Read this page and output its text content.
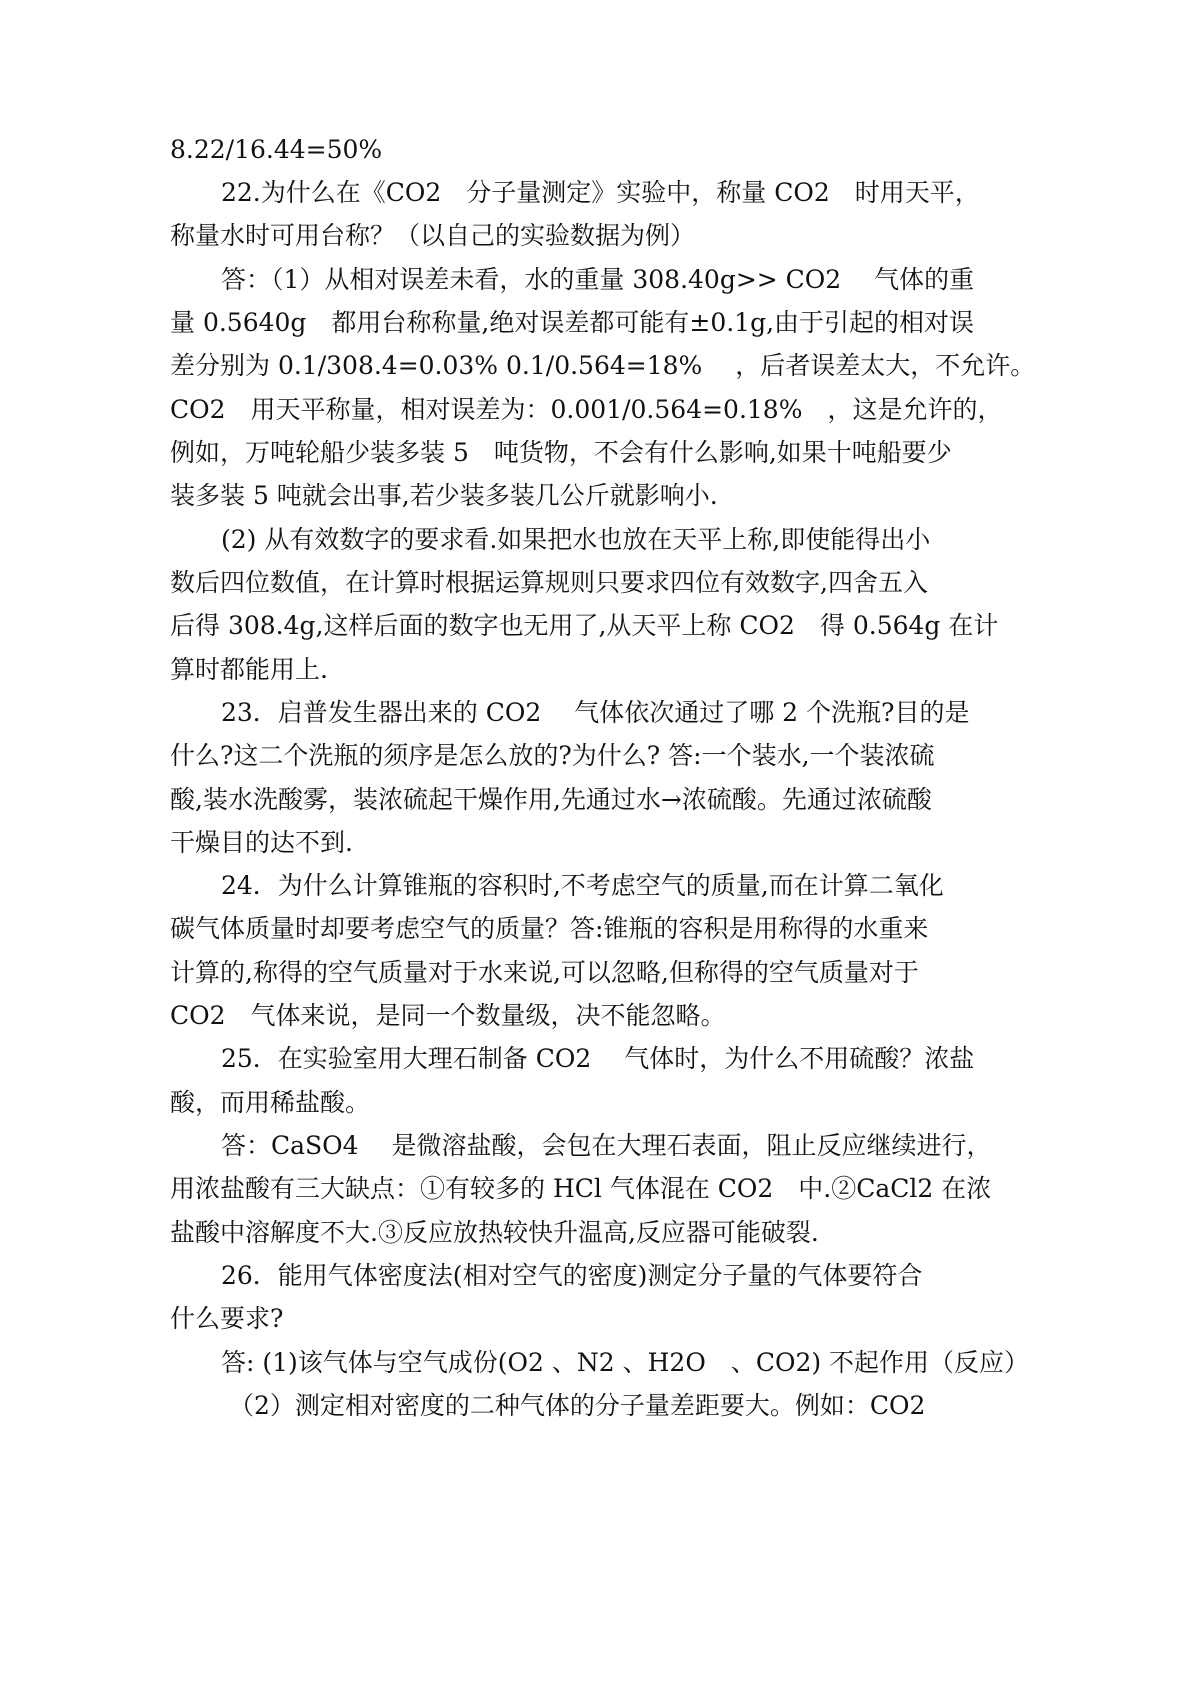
8.22/16.44=50%
22.为什么在《CO2　分子量测定》实验中，称量 CO2　时用天平，
称量水时可用台称？（以自己的实验数据为例）
答：（1）从相对误差未看，水的重量 308.40g>> CO2　 气体的重
量 0.5640g　都用台称称量,绝对误差都可能有±0.1g,由于引起的相对误
差分别为 0.1/308.4=0.03% 0.1/0.564=18%　 ，后者误差太大，不允许。
CO2　用天平称量，相对误差为：0.001/0.564=0.18%　，这是允许的，
例如，万吨轮船少装多装 5　吨货物，不会有什么影响,如果十吨船要少
装多装 5 吨就会出事,若少装多装几公斤就影响小.
(2) 从有效数字的要求看.如果把水也放在天平上称,即使能得出小
数后四位数值，在计算时根据运算规则只要求四位有效数字,四舍五入
后得 308.4g,这样后面的数字也无用了,从天平上称 CO2　得 0.564g 在计
算时都能用上.
23．启普发生器出来的 CO2　 气体依次通过了哪 2 个洗瓶?目的是
什么?这二个洗瓶的须序是怎么放的?为什么? 答:一个装水,一个装浓硫
酸,装水洗酸雾，装浓硫起干燥作用,先通过水→浓硫酸。先通过浓硫酸
干燥目的达不到.
24．为什么计算锥瓶的容积时,不考虑空气的质量,而在计算二氧化
碳气体质量时却要考虑空气的质量？答:锥瓶的容积是用称得的水重来
计算的,称得的空气质量对于水来说,可以忽略,但称得的空气质量对于
CO2　气体来说，是同一个数量级，决不能忽略。
25．在实验室用大理石制备 CO2　 气体时，为什么不用硫酸？浓盐
酸，而用稀盐酸。
答：CaSO4　 是微溶盐酸，会包在大理石表面，阻止反应继续进行，
用浓盐酸有三大缺点：①有较多的 HCl 气体混在 CO2　中.②CaCl2 在浓
盐酸中溶解度不大.③反应放热较快升温高,反应器可能破裂.
26．能用气体密度法(相对空气的密度)测定分子量的气体要符合
什么要求?
答: (1)该气体与空气成份(O2 、N2 、H2O　、CO2) 不起作用（反应）
（2）测定相对密度的二种气体的分子量差距要大。例如：CO2
